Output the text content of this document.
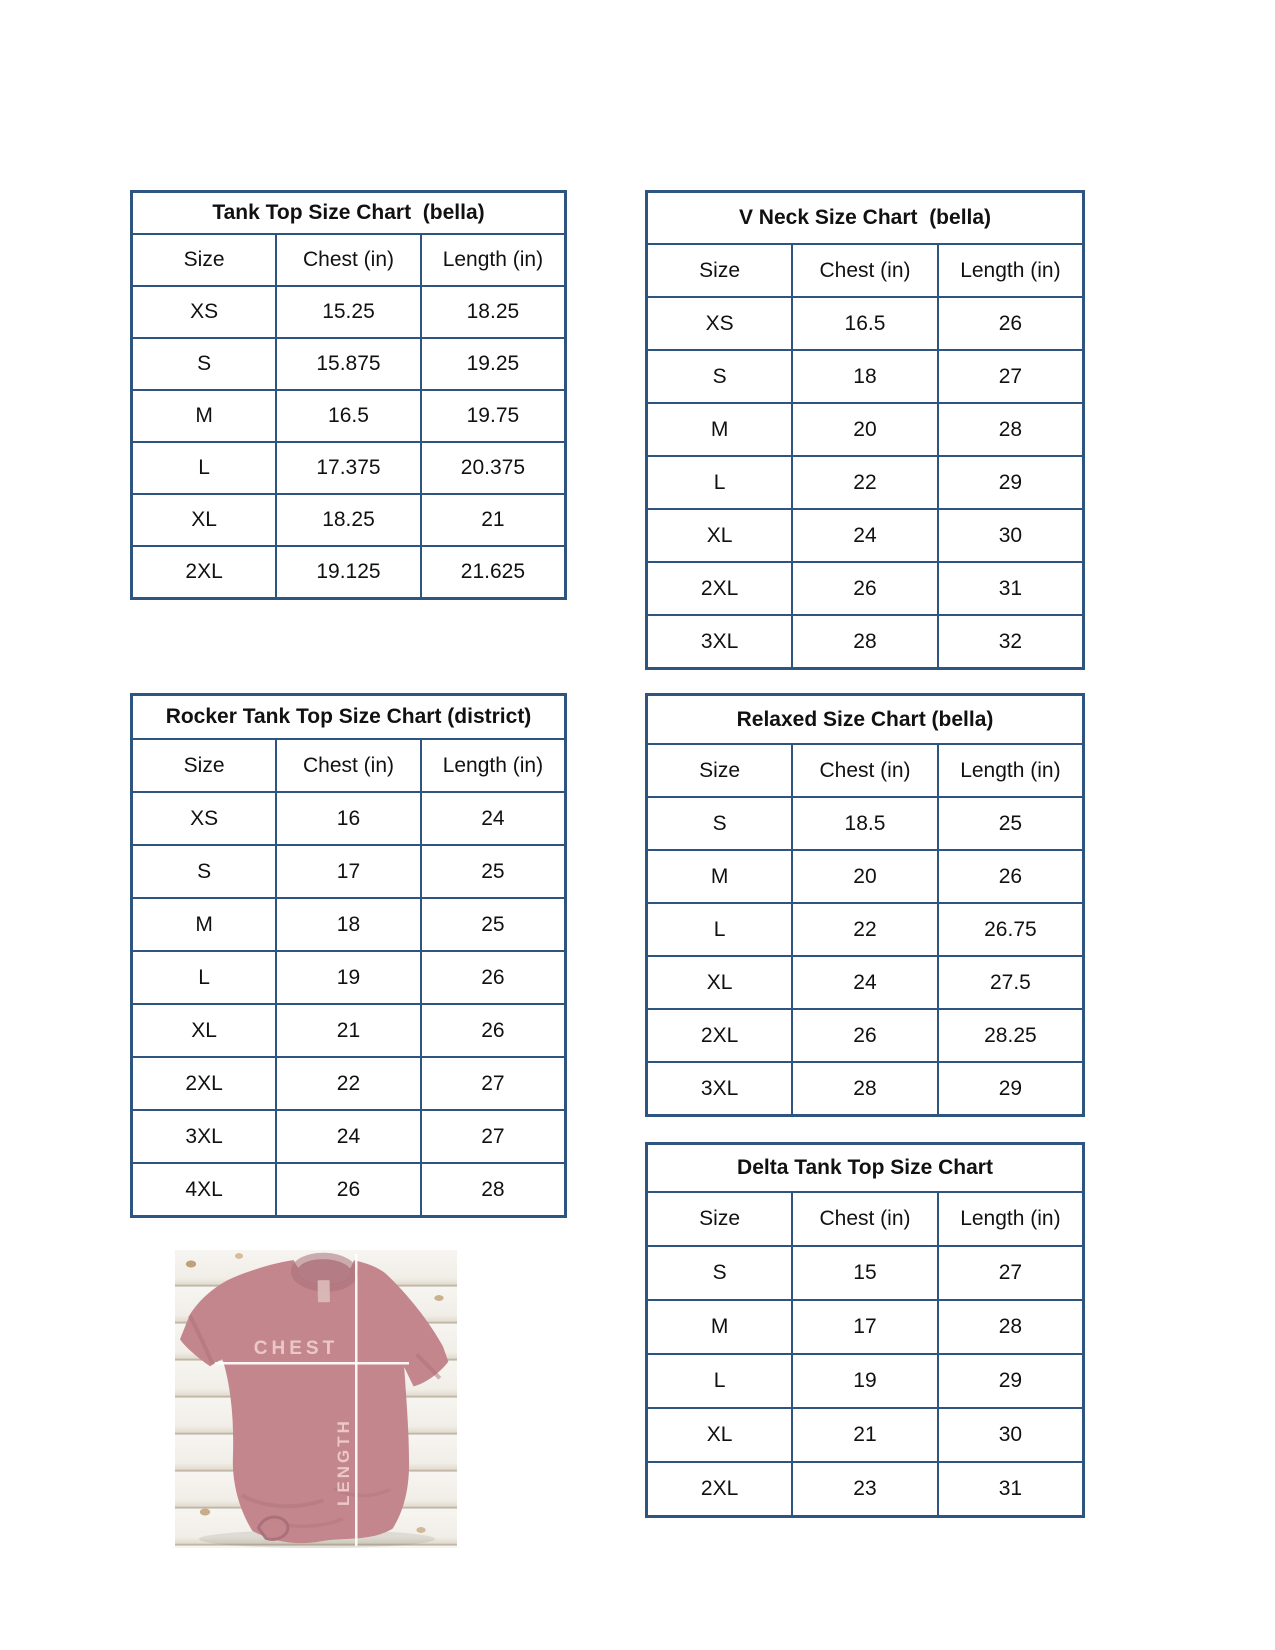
Tank Top Size Chart  (bella)		
Size	Chest (in)	Length (in)
XS	15.25	18.25
S	15.875	19.25
M	16.5	19.75
L	17.375	20.375
XL	18.25	21
2XL	19.125	21.625
Rocker Tank Top Size Chart (district)		
Size	Chest (in)	Length (in)
XS	16	24
S	17	25
M	18	25
L	19	26
XL	21	26
2XL	22	27
3XL	24	27
4XL	26	28
V Neck Size Chart  (bella)		
Size	Chest (in)	Length (in)
XS	16.5	26
S	18	27
M	20	28
L	22	29
XL	24	30
2XL	26	31
3XL	28	32
Relaxed Size Chart (bella)		
Size	Chest (in)	Length (in)
S	18.5	25
M	20	26
L	22	26.75
XL	24	27.5
2XL	26	28.25
3XL	28	29
Delta Tank Top Size Chart		
Size	Chest (in)	Length (in)
S	15	27
M	17	28
L	19	29
XL	21	30
2XL	23	31
CHEST
LENGTH
